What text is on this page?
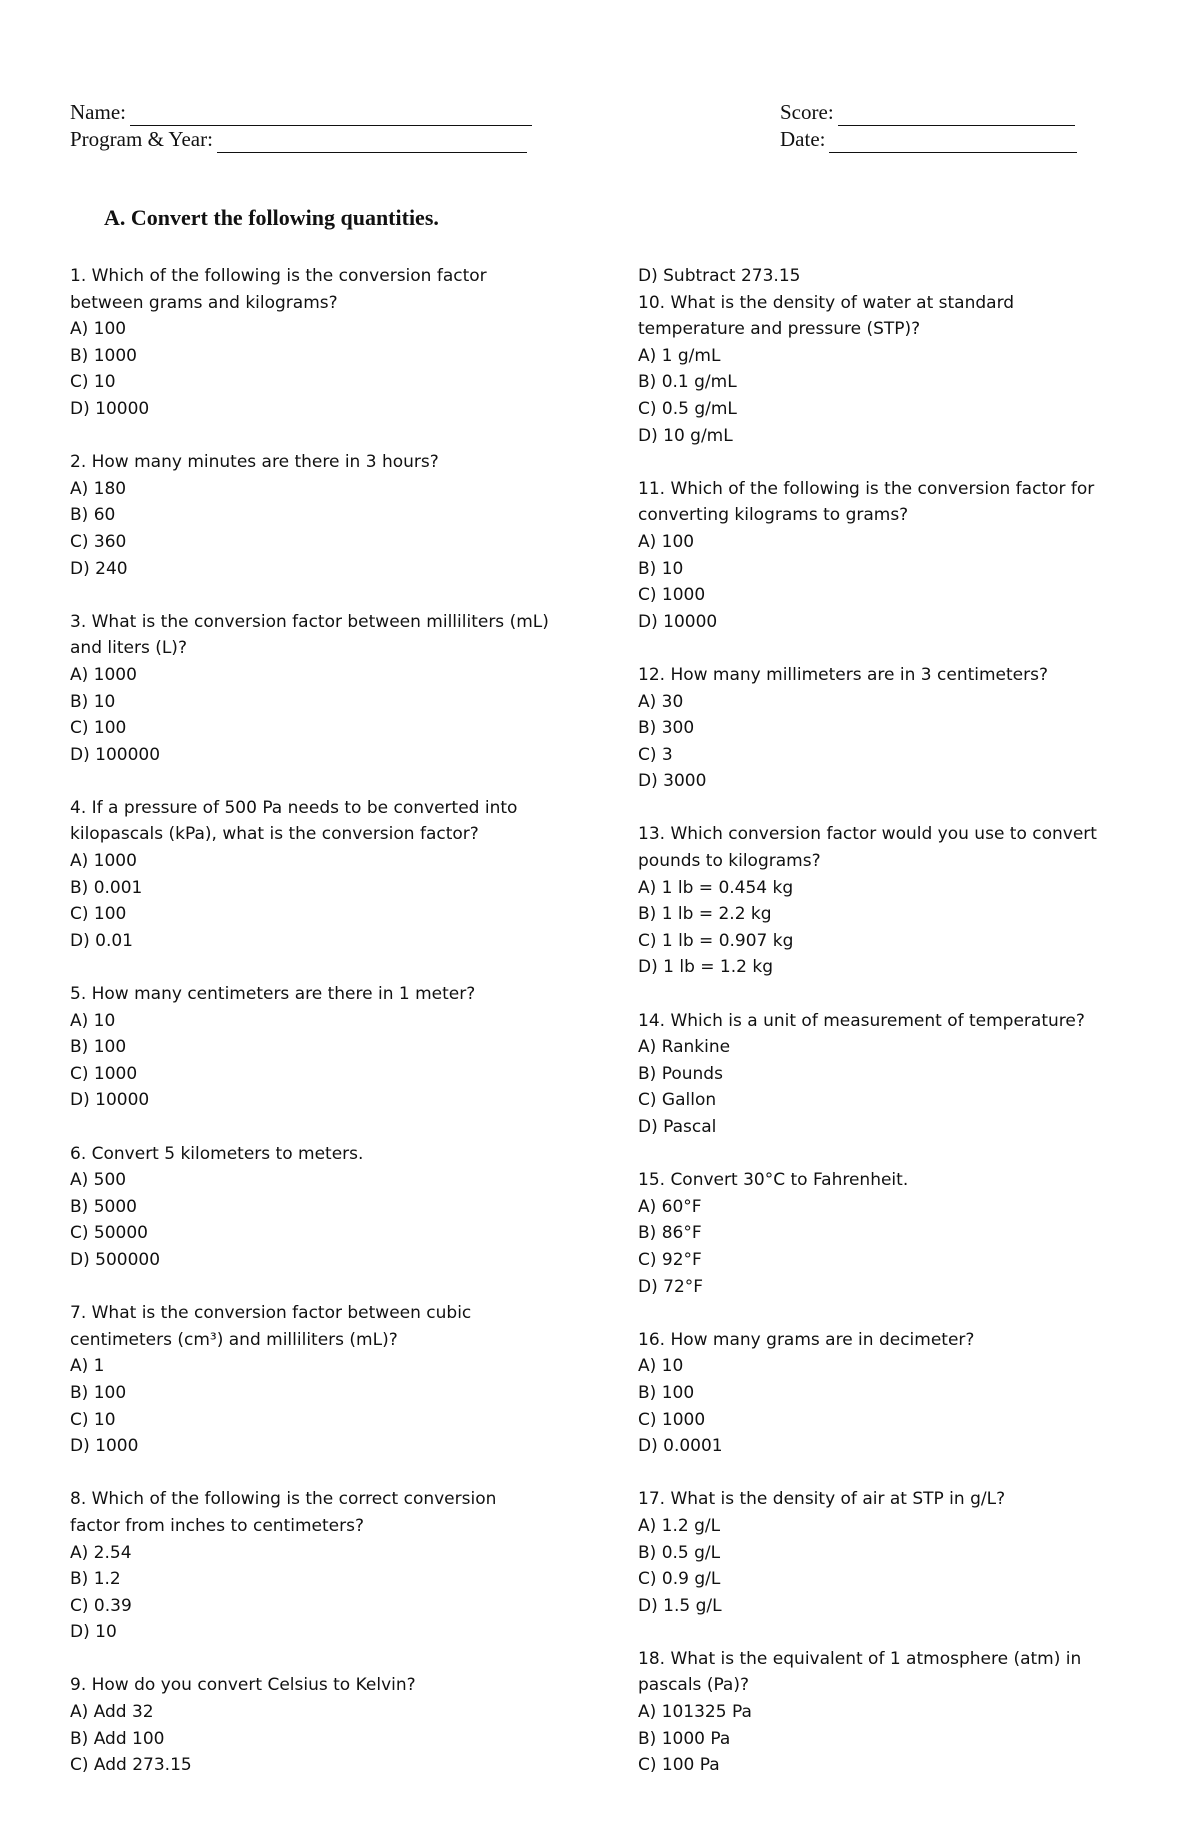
Name:
Program & Year:
Score:
Date:
A. Convert the following quantities.

1. Which of the following is the conversion factor

between grams and kilograms?

A) 100

B) 1000

C) 10

D) 10000

2. How many minutes are there in 3 hours?

A) 180

B) 60

C) 360

D) 240

3. What is the conversion factor between milliliters (mL)

and liters (L)?

A) 1000

B) 10

C) 100

D) 100000

4. If a pressure of 500 Pa needs to be converted into

kilopascals (kPa), what is the conversion factor?

A) 1000

B) 0.001

C) 100

D) 0.01

5. How many centimeters are there in 1 meter?

A) 10

B) 100

C) 1000

D) 10000

6. Convert 5 kilometers to meters.

A) 500

B) 5000

C) 50000

D) 500000

7. What is the conversion factor between cubic

centimeters (cm³) and milliliters (mL)?

A) 1

B) 100

C) 10

D) 1000

8. Which of the following is the correct conversion

factor from inches to centimeters?

A) 2.54

B) 1.2

C) 0.39

D) 10

9. How do you convert Celsius to Kelvin?

A) Add 32

B) Add 100

C) Add 273.15

D) Subtract 273.15

10. What is the density of water at standard

temperature and pressure (STP)?

A) 1 g/mL

B) 0.1 g/mL

C) 0.5 g/mL

D) 10 g/mL

11. Which of the following is the conversion factor for

converting kilograms to grams?

A) 100

B) 10

C) 1000

D) 10000

12. How many millimeters are in 3 centimeters?

A) 30

B) 300

C) 3

D) 3000

13. Which conversion factor would you use to convert

pounds to kilograms?

A) 1 lb = 0.454 kg

B) 1 lb = 2.2 kg

C) 1 lb = 0.907 kg

D) 1 lb = 1.2 kg

14. Which is a unit of measurement of temperature?

A) Rankine

B) Pounds

C) Gallon

D) Pascal

15. Convert 30°C to Fahrenheit.

A) 60°F

B) 86°F

C) 92°F

D) 72°F

16. How many grams are in decimeter?

A) 10

B) 100

C) 1000

D) 0.0001

17. What is the density of air at STP in g/L?

A) 1.2 g/L

B) 0.5 g/L

C) 0.9 g/L

D) 1.5 g/L

18. What is the equivalent of 1 atmosphere (atm) in

pascals (Pa)?

A) 101325 Pa

B) 1000 Pa

C) 100 Pa
